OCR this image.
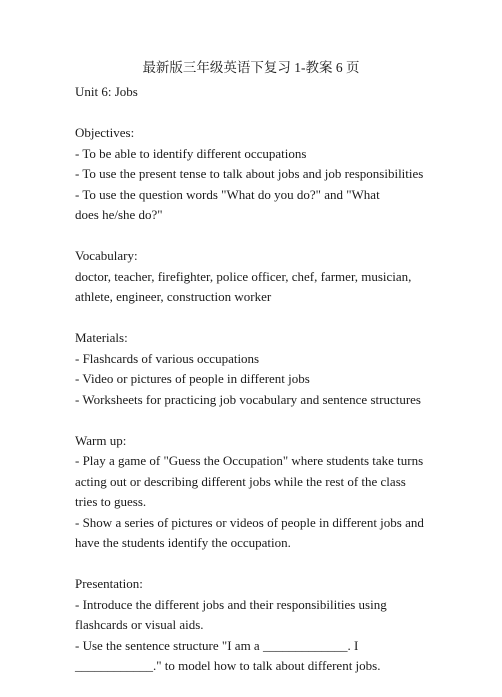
最新版三年级英语下复习 1-教案 6 页

Unit 6: Jobs

Objectives:

- To be able to identify different occupations

- To use the present tense to talk about jobs and job responsibilities

- To use the question words "What do you do?" and "What does he/she do?"

Vocabulary:

doctor, teacher, firefighter, police officer, chef, farmer, musician, athlete, engineer, construction worker

Materials:

- Flashcards of various occupations

- Video or pictures of people in different jobs

- Worksheets for practicing job vocabulary and sentence structures

Warm up:

- Play a game of "Guess the Occupation" where students take turns acting out or describing different jobs while the rest of the class tries to guess.

- Show a series of pictures or videos of people in different jobs and have the students identify the occupation.

Presentation:

- Introduce the different jobs and their responsibilities using flashcards or visual aids.

- Use the sentence structure "I am a _____________. I ____________." to model how to talk about different jobs.
